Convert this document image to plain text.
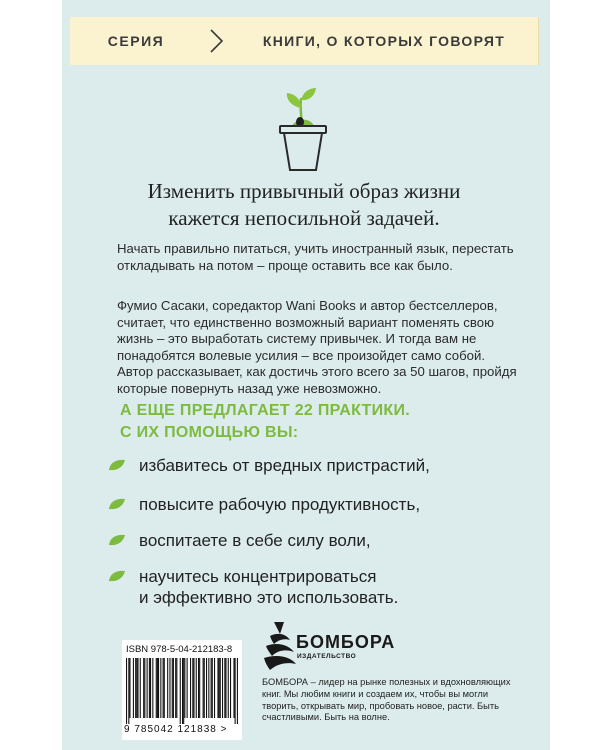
СЕРИЯ	КНИГИ, О КОТОРЫХ ГОВОРЯТ
Изменить привычный образ жизни
кажется непосильной задачей.
Начать правильно питаться, учить иностранный язык, перестать откладывать на потом – проще оставить все как было.
Фумио Сасаки, соредактор Wani Books и автор бестселлеров, считает, что единственно возможный вариант поменять свою жизнь – это выработать систему привычек. И тогда вам не понадобятся волевые усилия – все произойдет само собой. Автор рассказывает, как достичь этого всего за 50 шагов, пройдя которые повернуть назад уже невозможно.
А ЕЩЕ ПРЕДЛАГАЕТ 22 ПРАКТИКИ.
С ИХ ПОМОЩЬЮ ВЫ:
избавитесь от вредных пристрастий,
повысите рабочую продуктивность,
воспитаете в себе силу воли,
научитесь концентрироваться
и эффективно это использовать.
ISBN 978-5-04-212183-8
9 785042 121838 >
БОМБОРА
ИЗДАТЕЛЬСТВО
БОМБОРА – лидер на рынке полезных и вдохновляющих книг. Мы любим книги и создаем их, чтобы вы могли творить, открывать мир, пробовать новое, расти. Быть счастливыми. Быть на волне.
